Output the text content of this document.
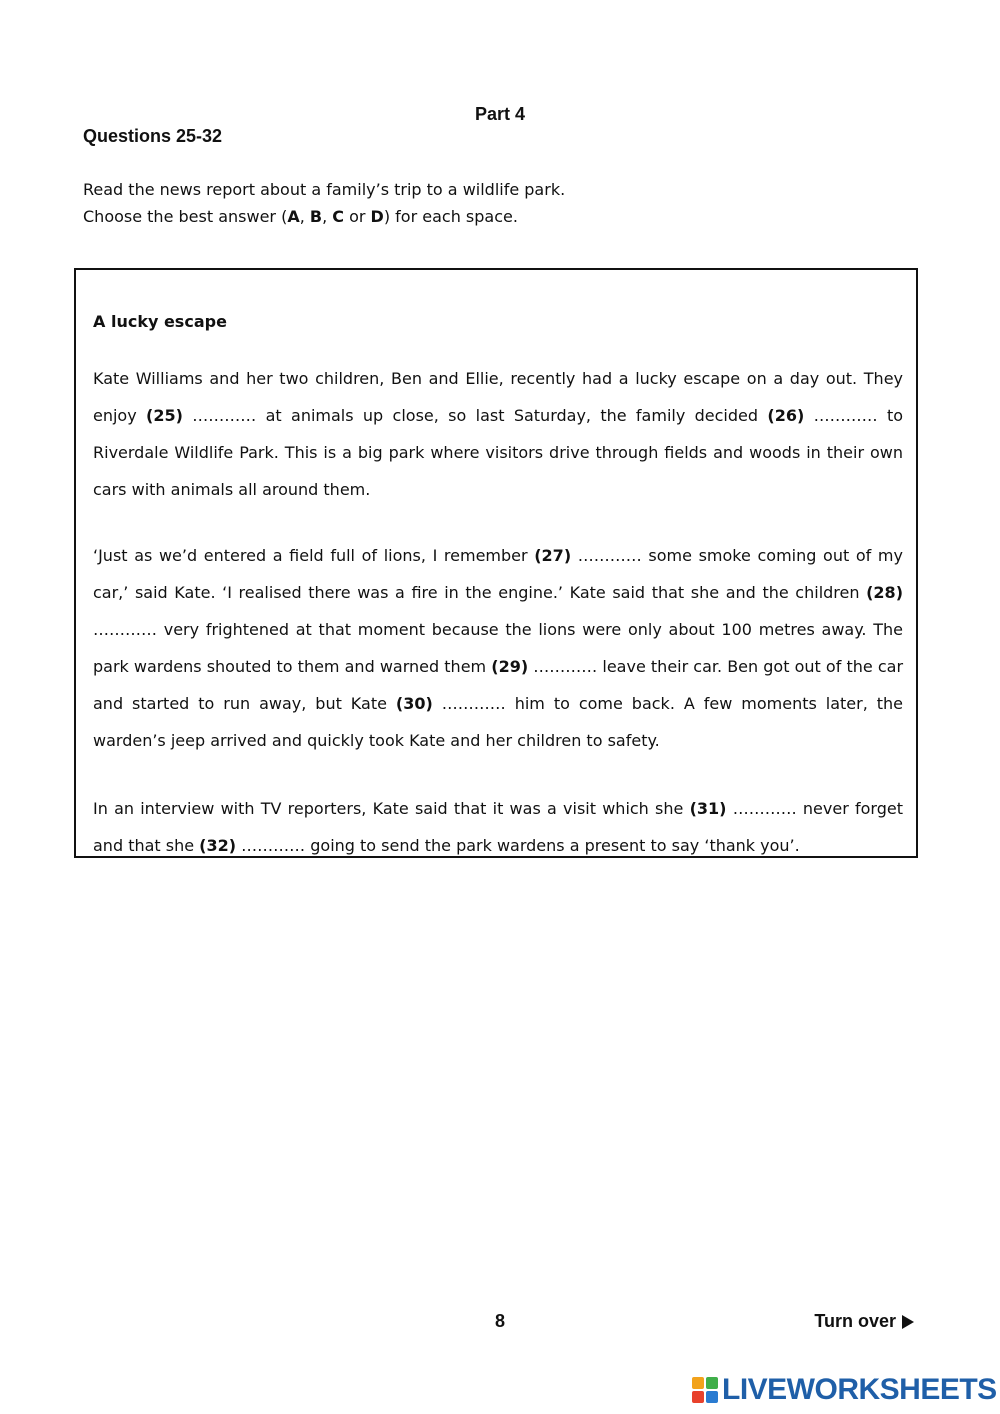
Part 4
Questions 25-32
Read the news report about a family’s trip to a wildlife park. Choose the best answer (A, B, C or D) for each space.
A lucky escape

Kate Williams and her two children, Ben and Ellie, recently had a lucky escape on a day out. They enjoy (25) ………… at animals up close, so last Saturday, the family decided (26) ………… to Riverdale Wildlife Park. This is a big park where visitors drive through fields and woods in their own cars with animals all around them.

‘Just as we’d entered a field full of lions, I remember (27) ………… some smoke coming out of my car,’ said Kate. ‘I realised there was a fire in the engine.’ Kate said that she and the children (28) ………… very frightened at that moment because the lions were only about 100 metres away. The park wardens shouted to them and warned them (29) ………… leave their car. Ben got out of the car and started to run away, but Kate (30) ………… him to come back. A few moments later, the warden’s jeep arrived and quickly took Kate and her children to safety.

In an interview with TV reporters, Kate said that it was a visit which she (31) ………… never forget and that she (32) ………… going to send the park wardens a present to say ‘thank you’.

8	Turn over
LIVEWORKSHEETS
